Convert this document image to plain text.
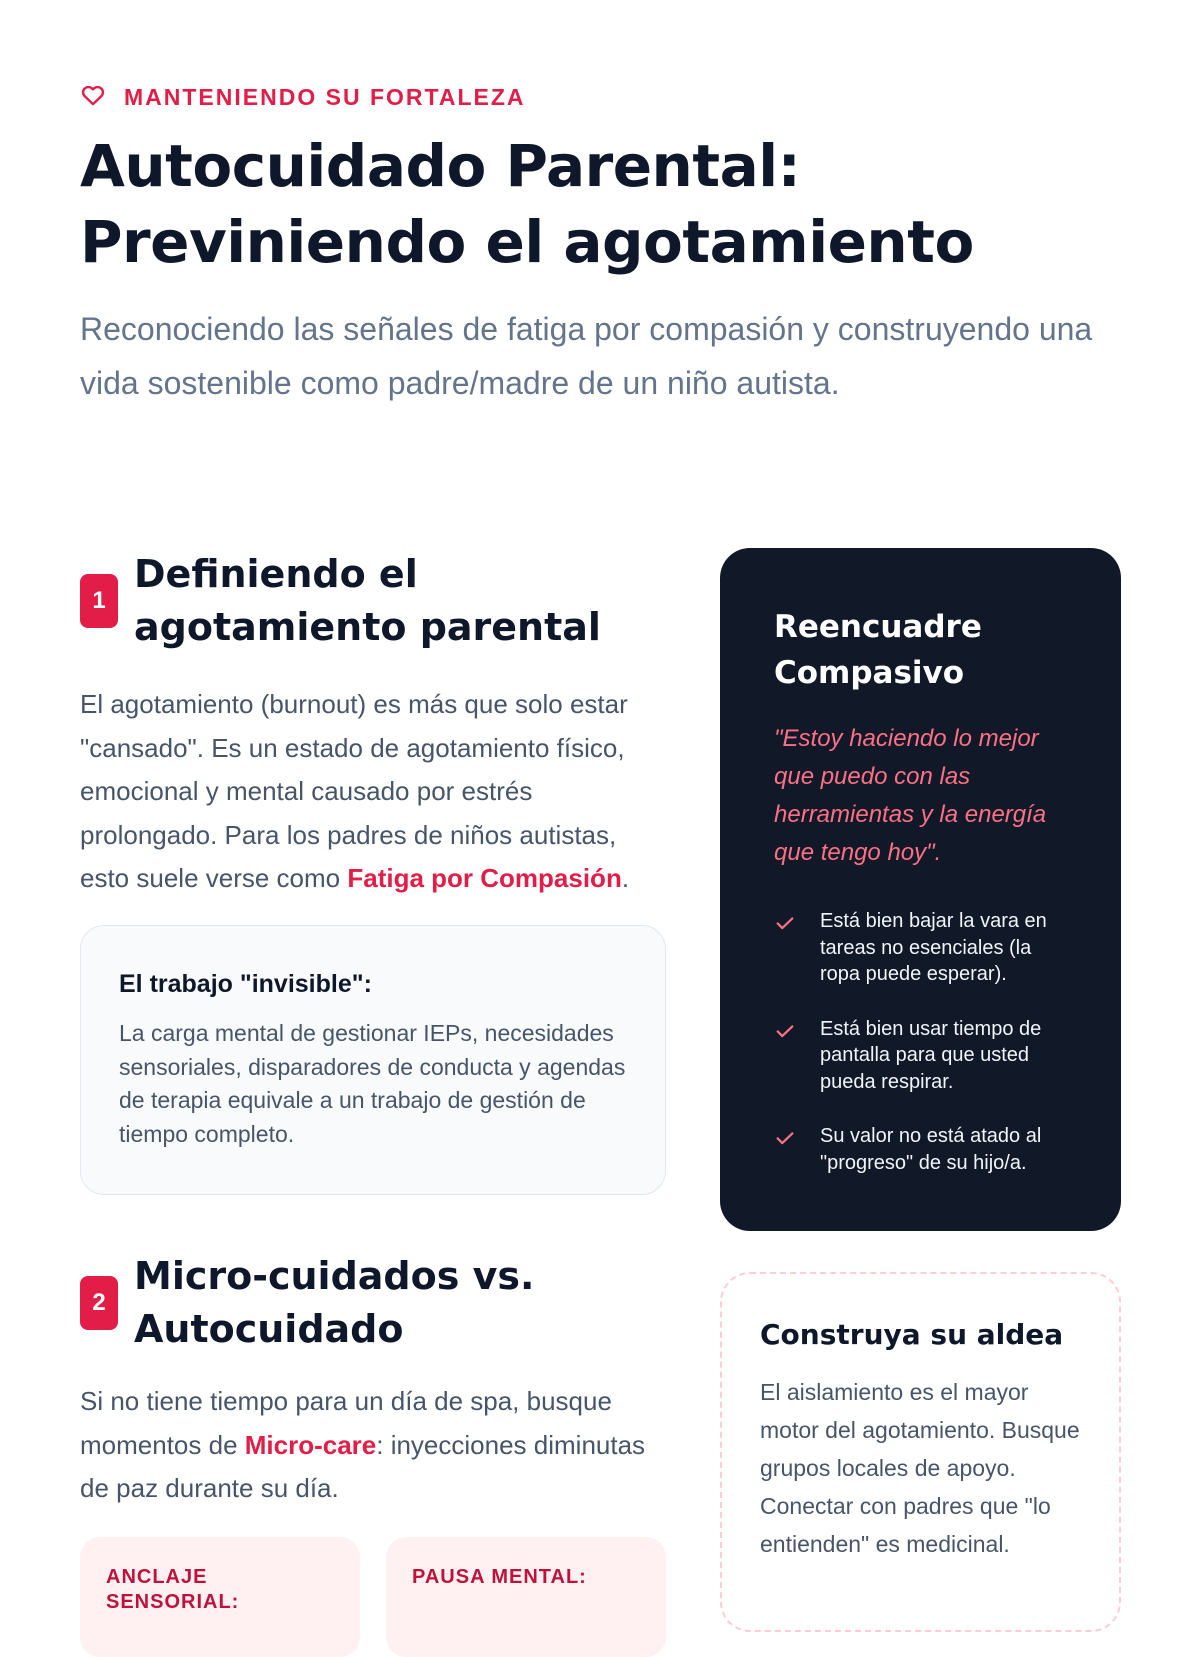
MANTENIENDO SU FORTALEZA
Autocuidado Parental: Previniendo el agotamiento

Reconociendo las señales de fatiga por compasión y construyendo una vida sostenible como padre/madre de un niño autista.

1
Definiendo el agotamiento parental

El agotamiento (burnout) es más que solo estar "cansado". Es un estado de agotamiento físico, emocional y mental causado por estrés prolongado. Para los padres de niños autistas, esto suele verse como Fatiga por Compasión.

El trabajo "invisible":
La carga mental de gestionar IEPs, necesidades sensoriales, disparadores de conducta y agendas de terapia equivale a un trabajo de gestión de tiempo completo.
2
Micro-cuidados vs. Autocuidado

Si no tiene tiempo para un día de spa, busque momentos de Micro-care: inyecciones diminutas de paz durante su día.

ANCLAJE SENSORIAL:
PAUSA MENTAL:
Reencuadre Compasivo
"Estoy haciendo lo mejor que puedo con las herramientas y la energía que tengo hoy".
Está bien bajar la vara en tareas no esenciales (la ropa puede esperar).
Está bien usar tiempo de pantalla para que usted pueda respirar.
Su valor no está atado al "progreso" de su hijo/a.
Construya su aldea
El aislamiento es el mayor motor del agotamiento. Busque grupos locales de apoyo. Conectar con padres que "lo entienden" es medicinal.
